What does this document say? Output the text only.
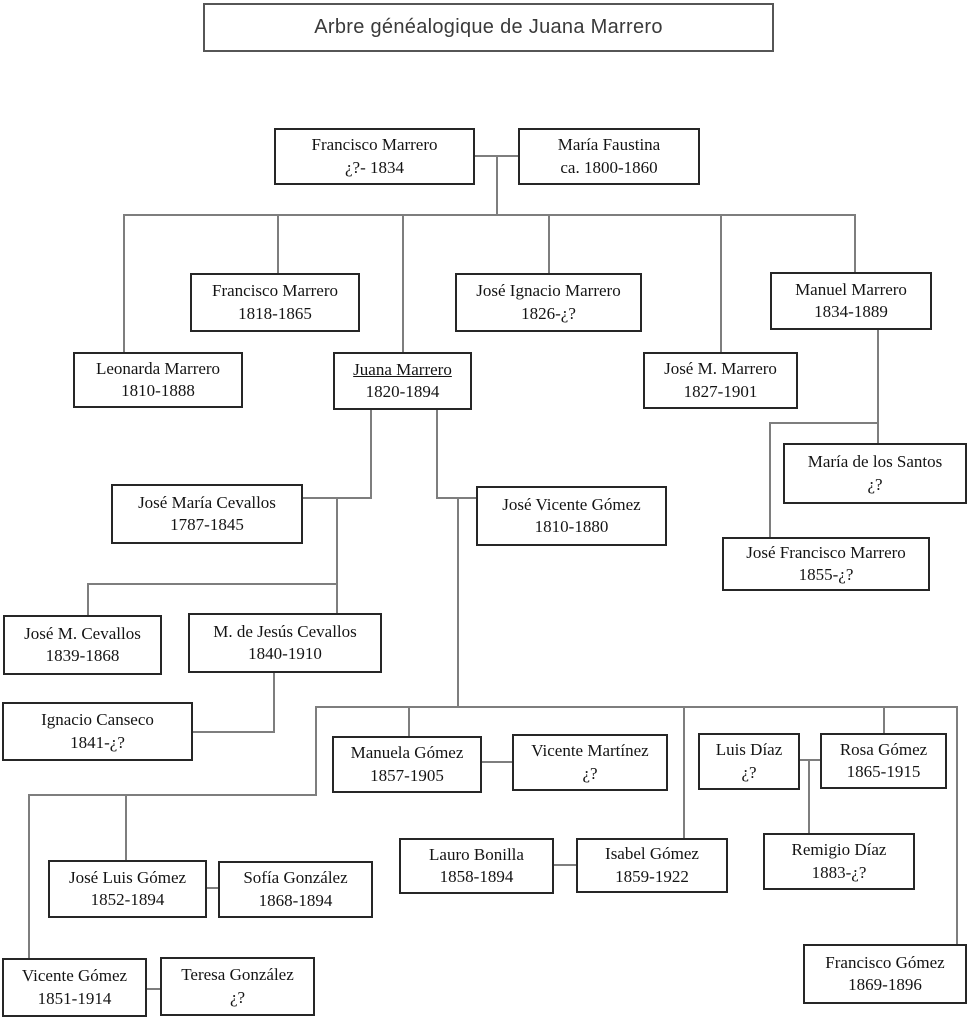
Arbre généalogique de Juana Marrero
Francisco Marrero
¿?- 1834
María Faustina
ca. 1800-1860
Francisco Marrero
1818-1865
José Ignacio Marrero
1826-¿?
Manuel Marrero
1834-1889
Leonarda Marrero
1810-1888
Juana Marrero
1820-1894
José M. Marrero
1827-1901
José María Cevallos
1787-1845
José Vicente Gómez
1810-1880
María de los Santos
¿?
José Francisco Marrero
1855-¿?
José M. Cevallos
1839-1868
M. de Jesús Cevallos
1840-1910
Ignacio Canseco
1841-¿?
Manuela Gómez
1857-1905
Vicente Martínez
¿?
Luis Díaz
¿?
Rosa Gómez
1865-1915
José Luis Gómez
1852-1894
Sofía González
1868-1894
Lauro Bonilla
1858-1894
Isabel Gómez
1859-1922
Remigio Díaz
1883-¿?
Vicente Gómez
1851-1914
Teresa González
¿?
Francisco Gómez
1869-1896
